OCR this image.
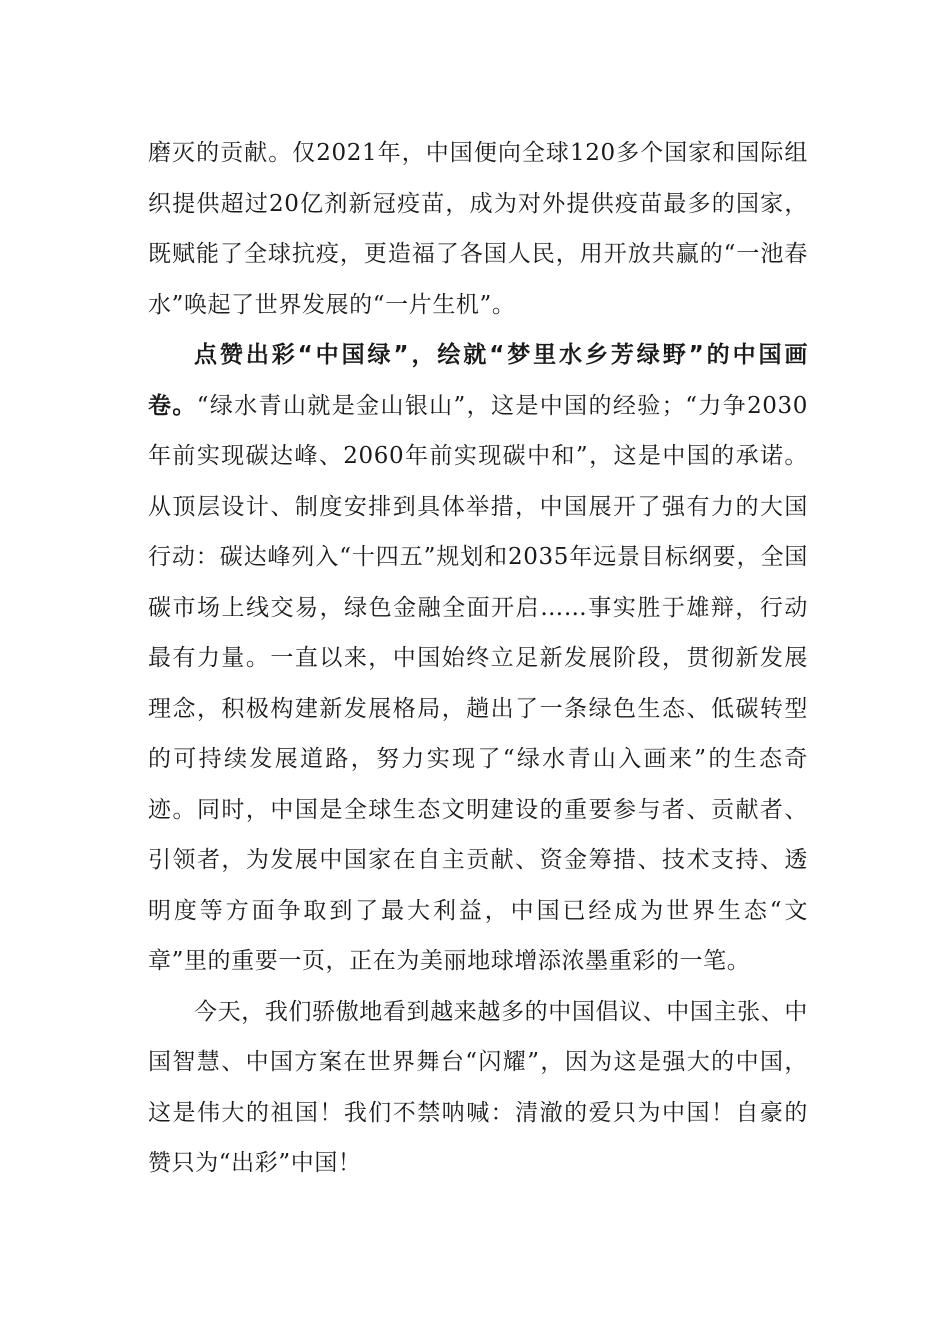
磨灭的贡献。仅2021年，中国便向全球120多个国家和国际组织提供超过20亿剂新冠疫苗，成为对外提供疫苗最多的国家，既赋能了全球抗疫，更造福了各国人民，用开放共赢的“一池春水”唤起了世界发展的“一片生机”。

点赞出彩“中国绿”，绘就“梦里水乡芳绿野”的中国画卷。“绿水青山就是金山银山”，这是中国的经验；“力争2030年前实现碳达峰、2060年前实现碳中和”，这是中国的承诺。从顶层设计、制度安排到具体举措，中国展开了强有力的大国行动：碳达峰列入“十四五”规划和2035年远景目标纲要，全国碳市场上线交易，绿色金融全面开启……事实胜于雄辩，行动最有力量。一直以来，中国始终立足新发展阶段，贯彻新发展理念，积极构建新发展格局，趟出了一条绿色生态、低碳转型的可持续发展道路，努力实现了“绿水青山入画来”的生态奇迹。同时，中国是全球生态文明建设的重要参与者、贡献者、引领者，为发展中国家在自主贡献、资金筹措、技术支持、透明度等方面争取到了最大利益，中国已经成为世界生态“文章”里的重要一页，正在为美丽地球增添浓墨重彩的一笔。

今天，我们骄傲地看到越来越多的中国倡议、中国主张、中国智慧、中国方案在世界舞台“闪耀”，因为这是强大的中国，这是伟大的祖国！我们不禁呐喊：清澈的爱只为中国！自豪的赞只为“出彩”中国！
